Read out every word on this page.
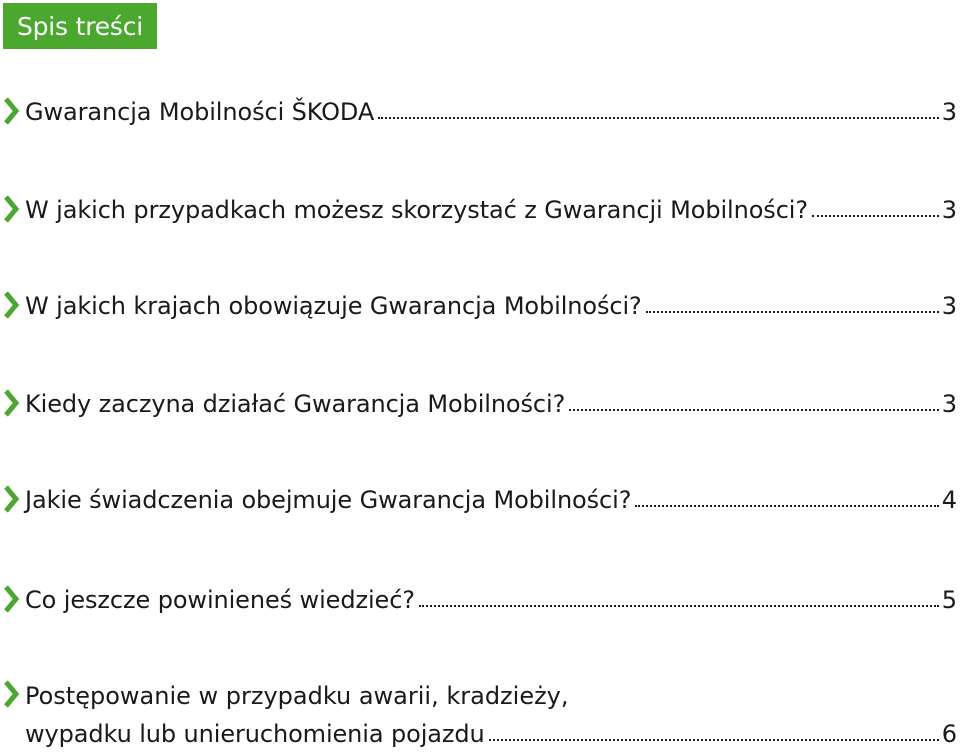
Spis treści
Gwarancja Mobilności ŠKODA	3
W jakich przypadkach możesz skorzystać z Gwarancji Mobilności?	3
W jakich krajach obowiązuje Gwarancja Mobilności?	3
Kiedy zaczyna działać Gwarancja Mobilności?	3
Jakie świadczenia obejmuje Gwarancja Mobilności?	4
Co jeszcze powinieneś wiedzieć?	5
Postępowanie w przypadku awarii, kradzieży,
wypadku lub unieruchomienia pojazdu	6
